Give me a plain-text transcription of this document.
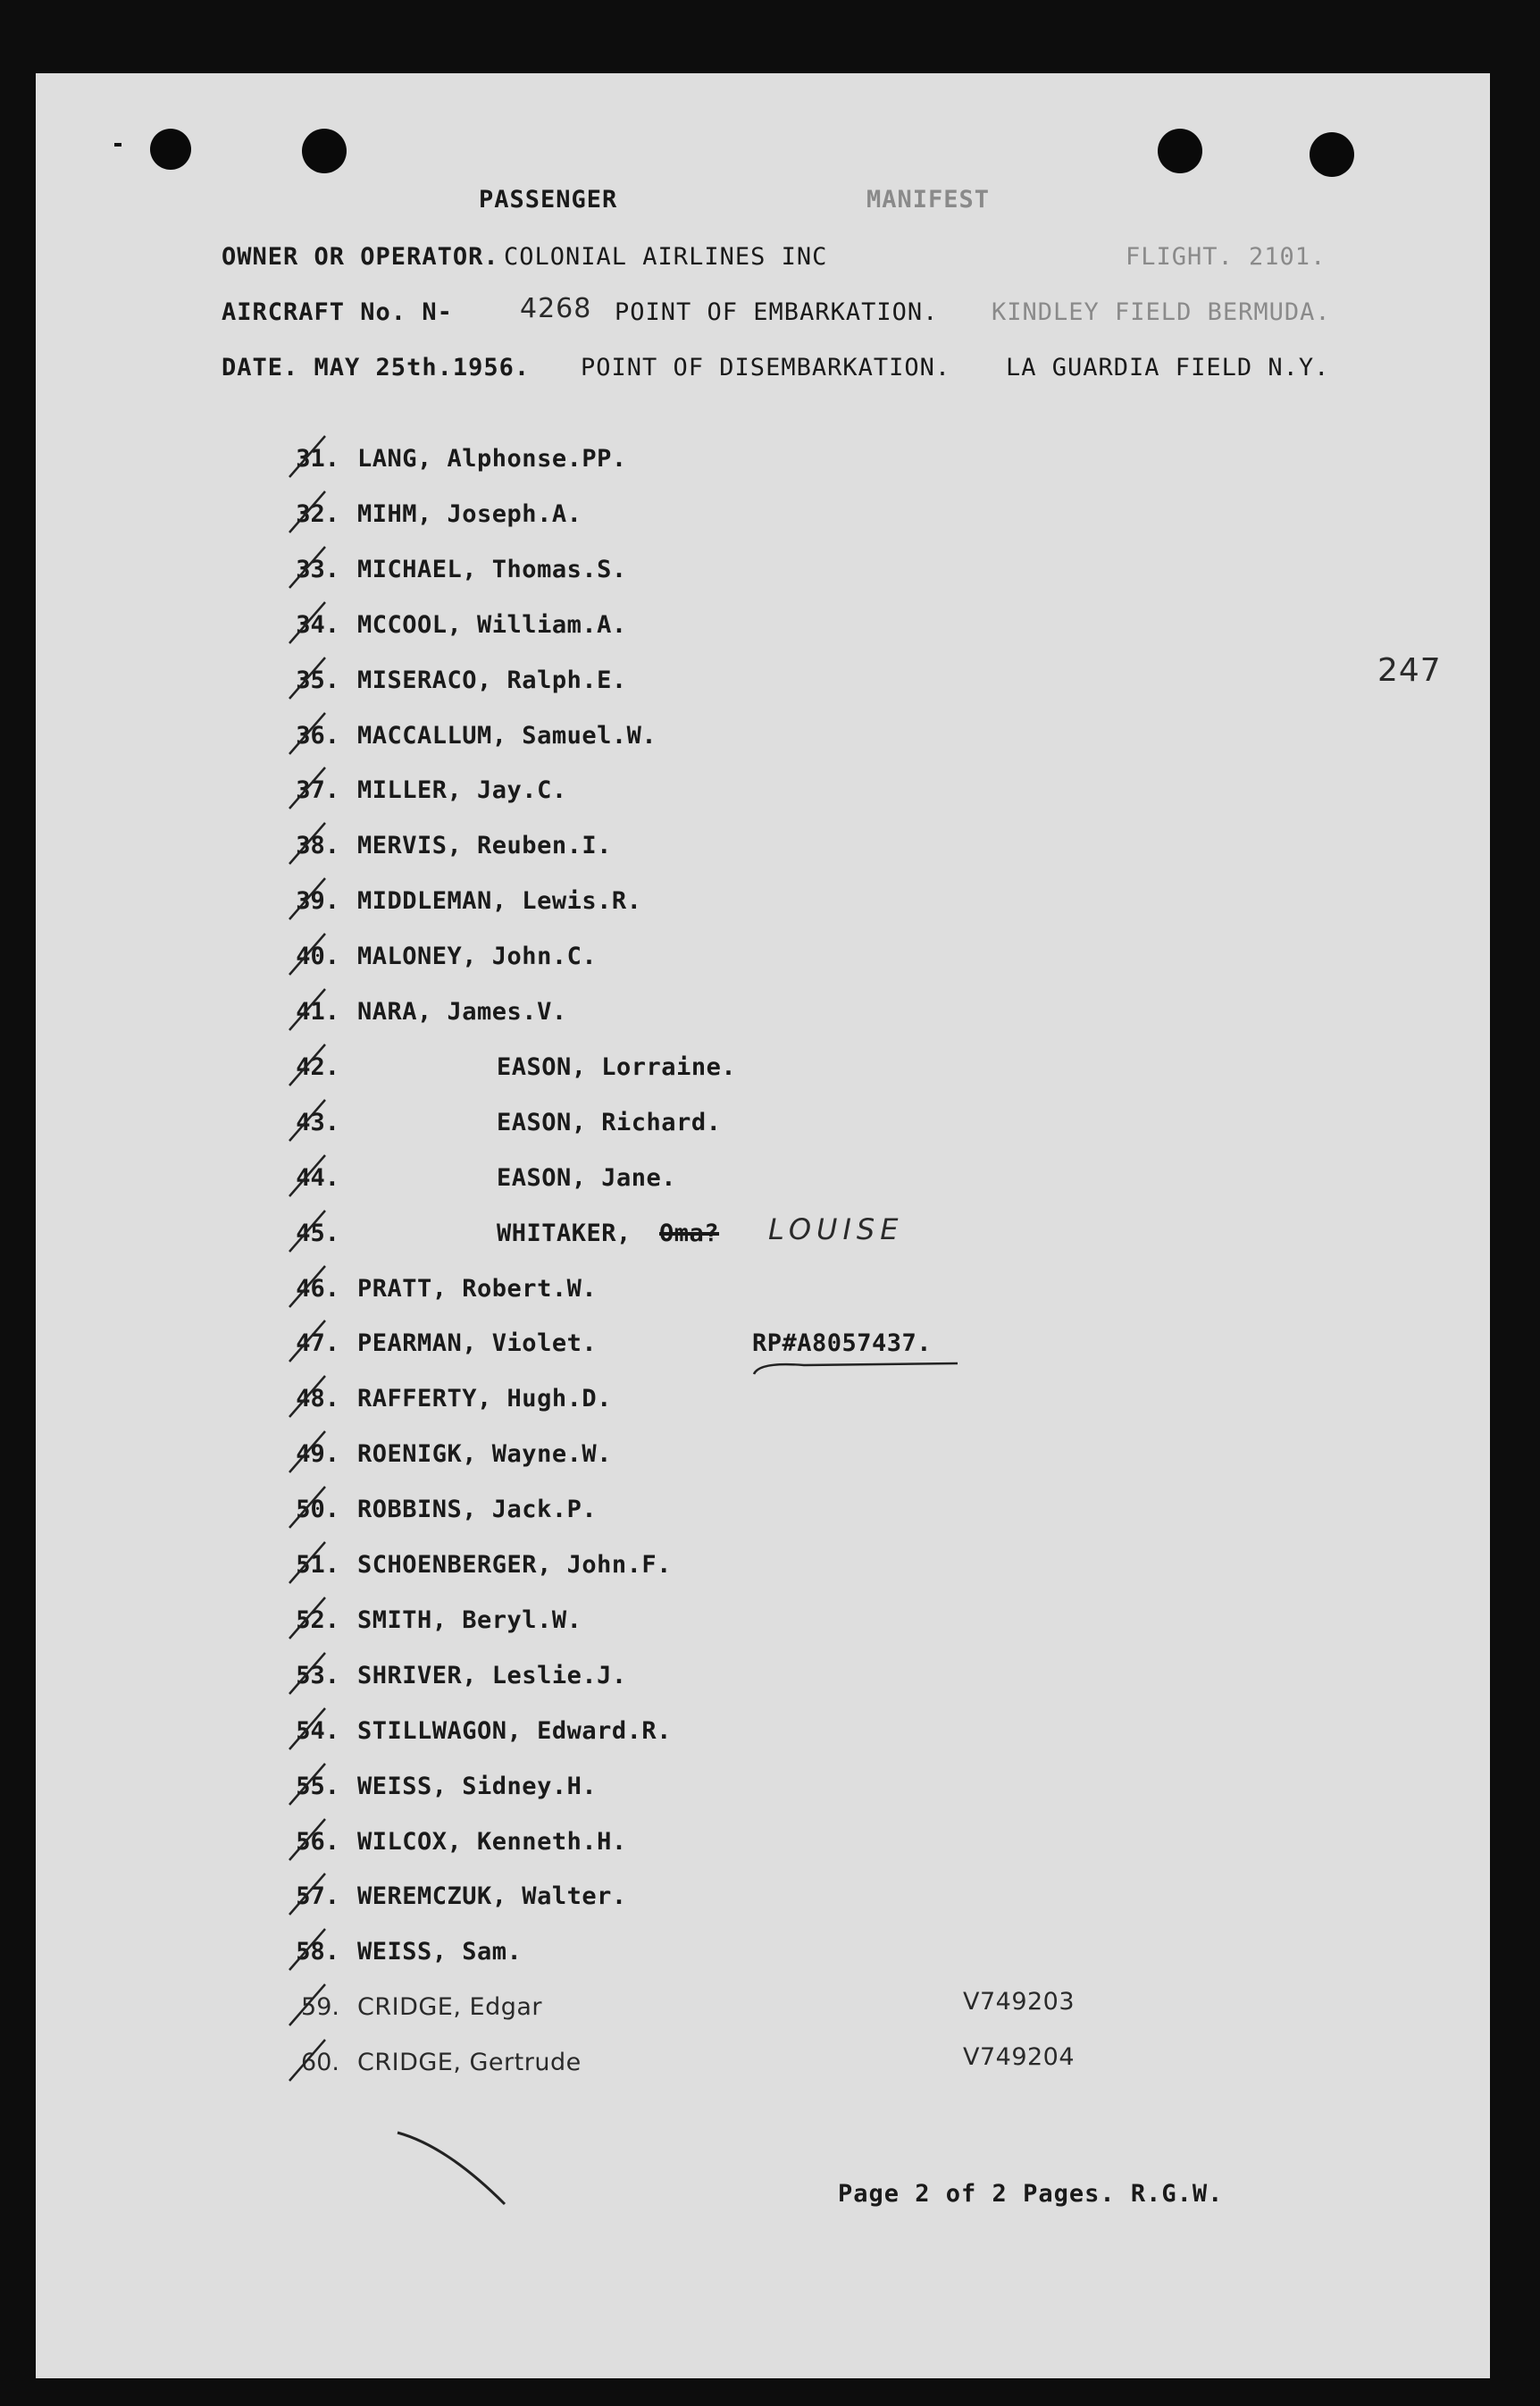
PASSENGER	MANIFEST
OWNER OR OPERATOR. COLONIAL AIRLINES INC	FLIGHT. 2101.
AIRCRAFT No. N-	4268 POINT OF EMBARKATION. KINDLEY FIELD BERMUDA.
DATE. MAY 25th.1956. POINT OF DISEMBARKATION. LA GUARDIA FIELD N.Y.
247
31. LANG, Alphonse.PP.
32. MIHM, Joseph.A.
33. MICHAEL, Thomas.S.
34. MCCOOL, William.A.
35. MISERACO, Ralph.E.
36. MACCALLUM, Samuel.W.
37. MILLER, Jay.C.
38. MERVIS, Reuben.I.
39. MIDDLEMAN, Lewis.R.
40. MALONEY, John.C.
41. NARA, James.V.
42.	EASON, Lorraine.
43.	EASON, Richard.
44.	EASON, Jane.
45.	WHITAKER, Oma? LOUISE
46. PRATT, Robert.W.
47. PEARMAN, Violet.	RP#A8057437.
48. RAFFERTY, Hugh.D.
49. ROENIGK, Wayne.W.
50. ROBBINS, Jack.P.
51. SCHOENBERGER, John.F.
52. SMITH, Beryl.W.
53. SHRIVER, Leslie.J.
54. STILLWAGON, Edward.R.
55. WEISS, Sidney.H.
56. WILCOX, Kenneth.H.
57. WEREMCZUK, Walter.
58. WEISS, Sam.
59. CRIDGE, Edgar	V749203
60. CRIDGE, Gertrude	V749204
Page 2 of 2 Pages. R.G.W.
